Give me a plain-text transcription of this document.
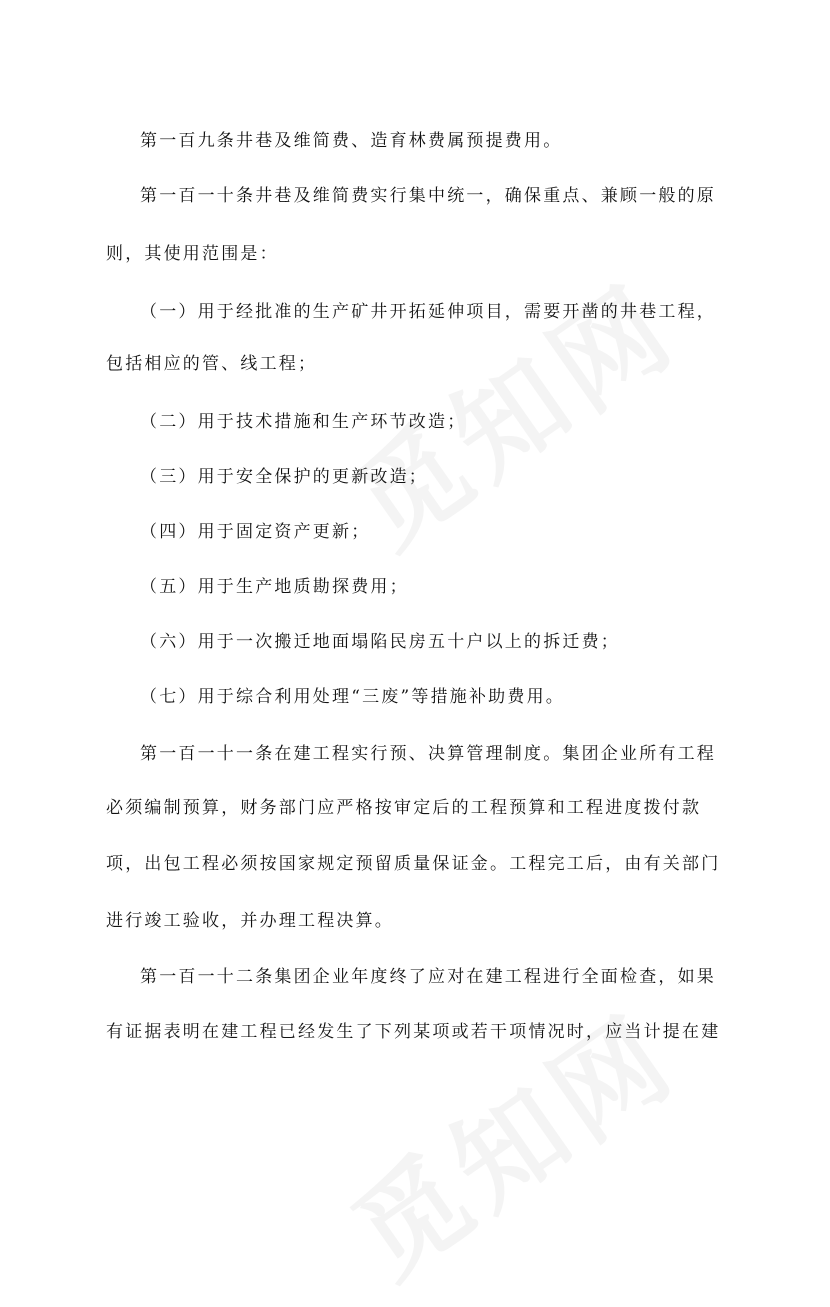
第一百九条井巷及维简费、造育林费属预提费用。
第一百一十条井巷及维简费实行集中统一，确保重点、兼顾一般的原
则，其使用范围是：
（一）用于经批准的生产矿井开拓延伸项目，需要开凿的井巷工程，
包括相应的管、线工程；
（二）用于技术措施和生产环节改造；
（三）用于安全保护的更新改造；
（四）用于固定资产更新；
（五）用于生产地质勘探费用；
（六）用于一次搬迁地面塌陷民房五十户以上的拆迁费；
（七）用于综合利用处理“三废”等措施补助费用。
第一百一十一条在建工程实行预、决算管理制度。集团企业所有工程
必须编制预算，财务部门应严格按审定后的工程预算和工程进度拨付款
项，出包工程必须按国家规定预留质量保证金。工程完工后，由有关部门
进行竣工验收，并办理工程决算。
第一百一十二条集团企业年度终了应对在建工程进行全面检查，如果
有证据表明在建工程已经发生了下列某项或若干项情况时，应当计提在建
